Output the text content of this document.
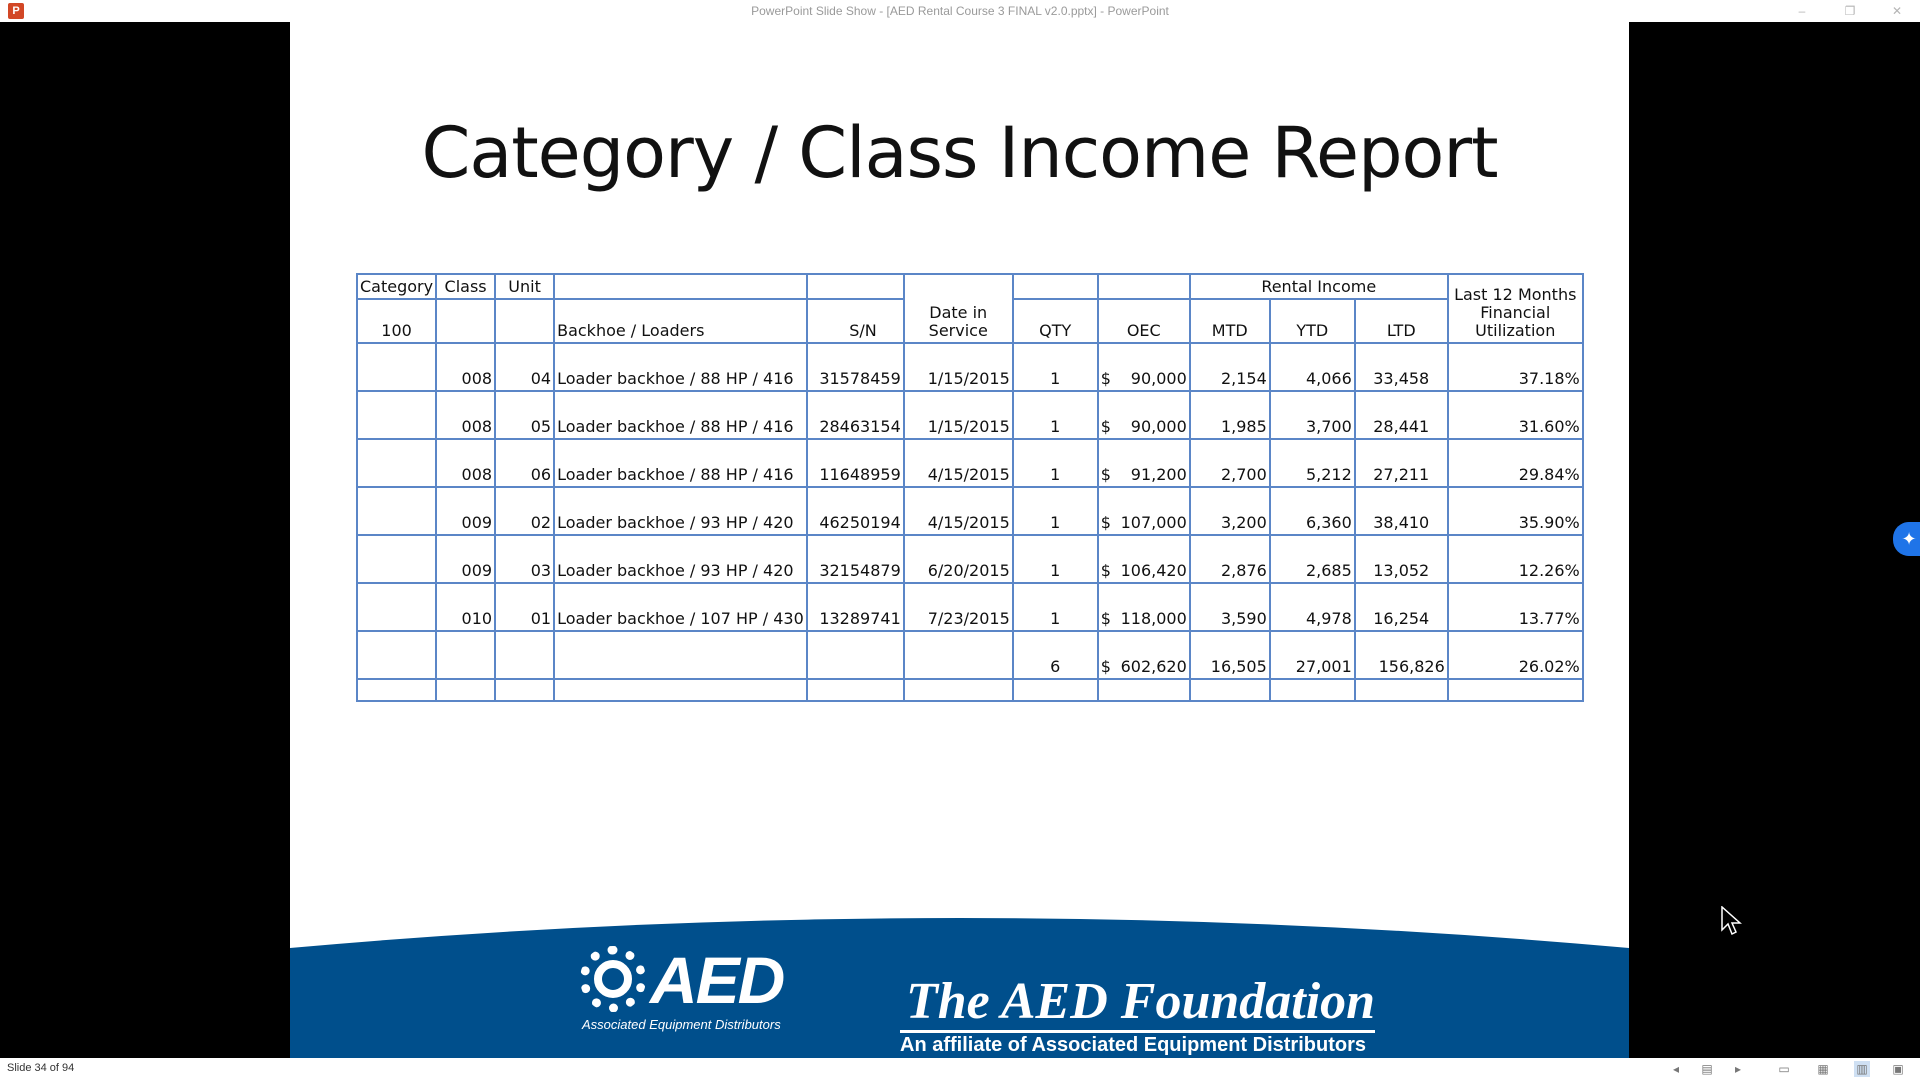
P	PowerPoint Slide Show - [AED Rental Course 3 FINAL v2.0.pptx] - PowerPoint	–	❐	✕
Category / Class Income Report
Category	Class	Unit			Date in Service			Rental Income			Last 12 Months Financial Utilization
100			Backhoe / Loaders	S/N		QTY	OEC	MTD	YTD	LTD	
	008	04	Loader backhoe / 88 HP / 416	31578459	1/15/2015	1	$ 90,000	2,154	4,066	33,458	37.18%
	008	05	Loader backhoe / 88 HP / 416	28463154	1/15/2015	1	$ 90,000	1,985	3,700	28,441	31.60%
	008	06	Loader backhoe / 88 HP / 416	11648959	4/15/2015	1	$ 91,200	2,700	5,212	27,211	29.84%
	009	02	Loader backhoe / 93 HP / 420	46250194	4/15/2015	1	$ 107,000	3,200	6,360	38,410	35.90%
	009	03	Loader backhoe / 93 HP / 420	32154879	6/20/2015	1	$ 106,420	2,876	2,685	13,052	12.26%
	010	01	Loader backhoe / 107 HP / 430	13289741	7/23/2015	1	$ 118,000	3,590	4,978	16,254	13.77%
						6	$ 602,620	16,505	27,001	156,826	26.02%

AED
Associated Equipment Distributors The AED Foundation
An affiliate of Associated Equipment Distributors
✦
Slide 34 of 94	◂	▤	▸	▭ ▦ ▥ ▣
